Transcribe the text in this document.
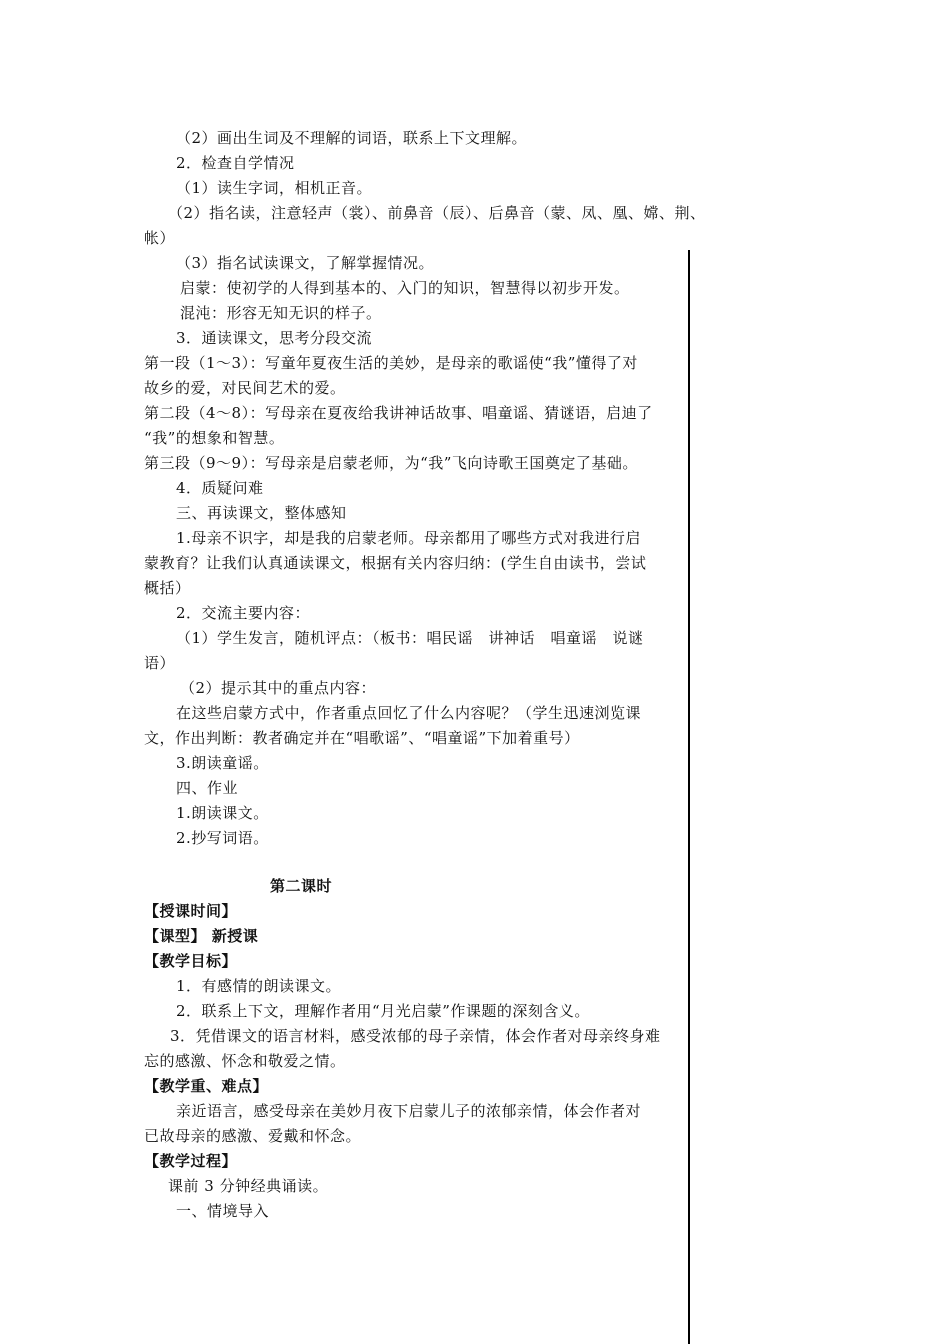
（2）画出生词及不理解的词语，联系上下文理解。
2．检查自学情况
（1）读生字词，相机正音。
（2）指名读，注意轻声（裳）、前鼻音（辰）、后鼻音（蒙、凤、凰、嫦、荆、
帐）
（3）指名试读课文，了解掌握情况。
启蒙：使初学的人得到基本的、入门的知识，智慧得以初步开发。
混沌：形容无知无识的样子。
3．通读课文，思考分段交流
第一段（1～3）：写童年夏夜生活的美妙，是母亲的歌谣使“我”懂得了对
故乡的爱，对民间艺术的爱。
第二段（4～8）：写母亲在夏夜给我讲神话故事、唱童谣、猜谜语，启迪了
“我”的想象和智慧。
第三段（9～9）：写母亲是启蒙老师，为“我”飞向诗歌王国奠定了基础。
4．质疑问难
三、再读课文，整体感知
1.母亲不识字，却是我的启蒙老师。母亲都用了哪些方式对我进行启
蒙教育？让我们认真通读课文，根据有关内容归纳：(学生自由读书，尝试
概括）
2．交流主要内容：
（1）学生发言，随机评点：（板书：唱民谣　讲神话　唱童谣　说谜
语）
（2）提示其中的重点内容：
在这些启蒙方式中，作者重点回忆了什么内容呢？（学生迅速浏览课
文，作出判断：教者确定并在“唱歌谣”、“唱童谣”下加着重号）
3.朗读童谣。
四、作业
1.朗读课文。
2.抄写词语。
第二课时
【授课时间】
【课型】 新授课
【教学目标】
1．有感情的朗读课文。
2．联系上下文，理解作者用“月光启蒙”作课题的深刻含义。
3．凭借课文的语言材料，感受浓郁的母子亲情，体会作者对母亲终身难
忘的感激、怀念和敬爱之情。
【教学重、难点】
亲近语言，感受母亲在美妙月夜下启蒙儿子的浓郁亲情，体会作者对
已故母亲的感激、爱戴和怀念。
【教学过程】
课前 3 分钟经典诵读。
一、情境导入
